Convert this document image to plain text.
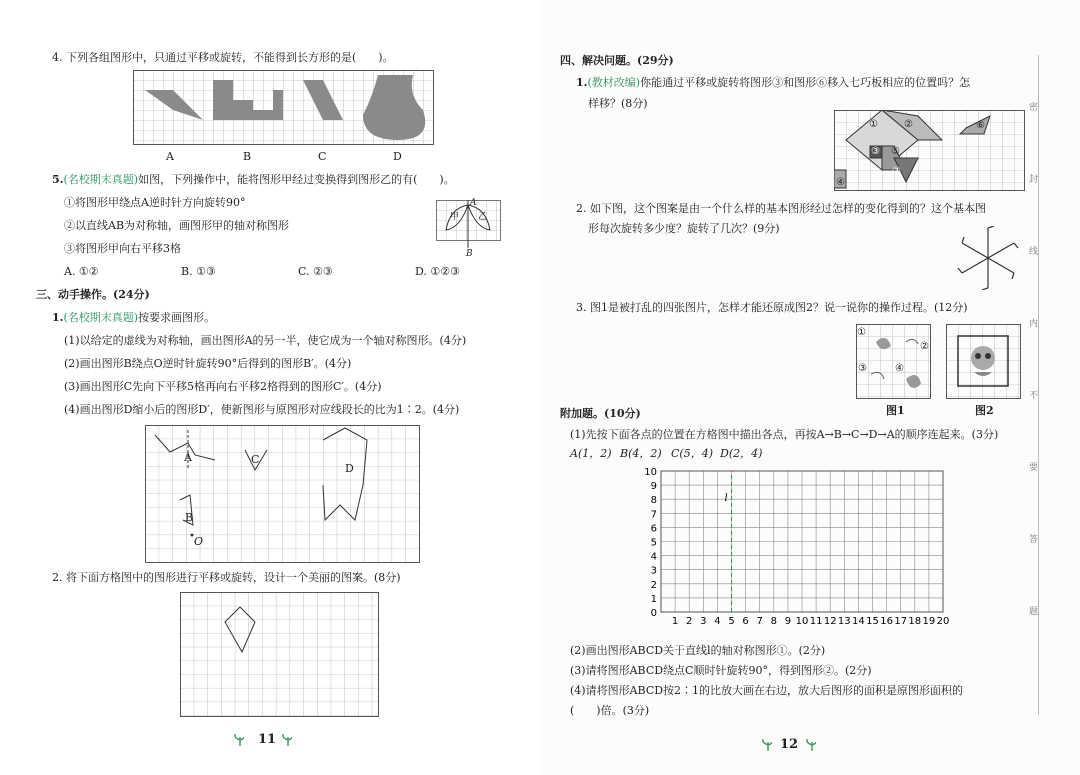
4. 下列各组图形中，只通过平移或旋转，不能得到长方形的是(　　)。
A	B	C	D
5.(名校期末真题)如图，下列操作中，能将图形甲经过变换得到图形乙的有(　　)。
①将图形甲绕点A逆时针方向旋转90°
②以直线AB为对称轴，画图形甲的轴对称图形
③将图形甲向右平移3格
A. ①②	B. ①③	C. ②③	D. ①②③
甲 乙
A
B
三、动手操作。(24分)
1.(名校期末真题)按要求画图形。
(1)以给定的虚线为对称轴，画出图形A的另一半，使它成为一个轴对称图形。(4分)
(2)画出图形B绕点O逆时针旋转90°后得到的图形B′。(4分)
(3)画出图形C先向下平移5格再向右平移2格得到的图形C′。(4分)
(4)画出图形D缩小后的图形D′，使新图形与原图形对应线段长的比为1∶2。(4分)
A	C
D
B
O
2. 将下面方格图中的图形进行平移或旋转，设计一个美丽的图案。(8分)
11
四、解决问题。(29分)
1.(教材改编)你能通过平移或旋转将图形③和图形⑥移入七巧板相应的位置吗？怎
样移？(8分)
①	②
③ ⑤
⑦
④
⑥
2. 如下图，这个图案是由一个什么样的基本图形经过怎样的变化得到的？这个基本图
形每次旋转多少度？旋转了几次？(9分)
3. 图1是被打乱的四张图片，怎样才能还原成图2？说一说你的操作过程。(12分)
①
②
③	④
图1	图2
附加题。(10分)
(1)先按下面各点的位置在方格图中描出各点，再按A→B→C→D→A的顺序连起来。(3分)
A(1，2) B(4，2) C(5，4) D(2，4)
1 2 3 4 5 6 7 8 9 10 11 12 13 14 15 16 17 18 19 20
0
1
2
3
4
5
6
7
8
9
10
l
(2)画出图形ABCD关于直线l的轴对称图形①。(2分)
(3)请将图形ABCD绕点C顺时针旋转90°，得到图形②。(2分)
(4)请将图形ABCD按2∶1的比放大画在右边，放大后图形的面积是原图形面积的
(　　)倍。(3分)
12
密
封
线
内
不
要
答
题
